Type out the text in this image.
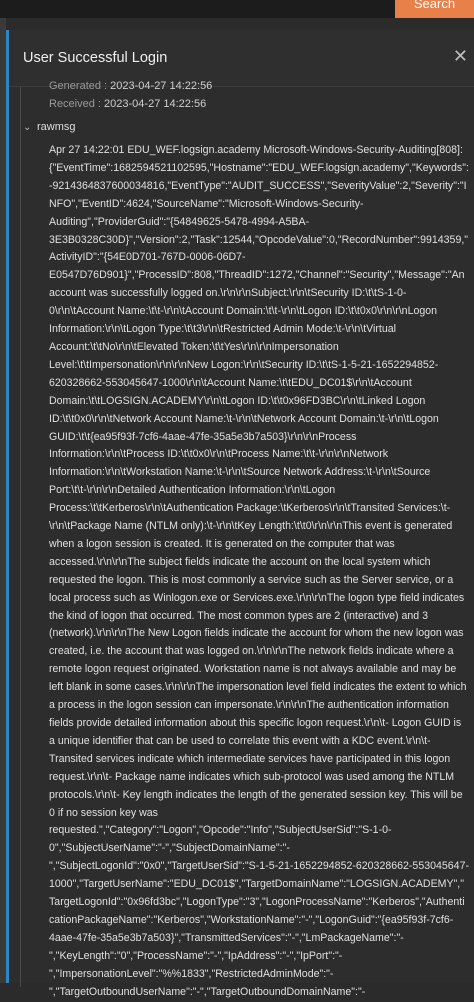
Search
User Successful Login	✕
Generated : 2023-04-27 14:22:56
Received : 2023-04-27 14:22:56
⌄ rawmsg
Apr 27 14:22:01 EDU_WEF.logsign.academy Microsoft-Windows-Security-Auditing[808]: {"EventTime":1682594521102595,"Hostname":"EDU_WEF.logsign.academy","Keywords":-9214364837600034816,"EventType":"AUDIT_SUCCESS","SeverityValue":2,"Severity":"INFO","EventID":4624,"SourceName":"Microsoft-Windows-Security-Auditing","ProviderGuid":"{54849625-5478-4994-A5BA-3E3B0328C30D}","Version":2,"Task":12544,"OpcodeValue":0,"RecordNumber":9914359,"ActivityID":"{54E0D701-767D-0006-06D7-E0547D76D901}","ProcessID":808,"ThreadID":1272,"Channel":"Security","Message":"An account was successfully logged on.\r\n\r\nSubject:\r\n\tSecurity ID:\t\tS-1-0-0\r\n\tAccount Name:\t\t-\r\n\tAccount Domain:\t\t-\r\n\tLogon ID:\t\t0x0\r\n\r\nLogon Information:\r\n\tLogon Type:\t\t3\r\n\tRestricted Admin Mode:\t-\r\n\tVirtual Account:\t\tNo\r\n\tElevated Token:\t\tYes\r\n\r\nImpersonation Level:\t\tImpersonation\r\n\r\nNew Logon:\r\n\tSecurity ID:\t\tS-1-5-21-1652294852-620328662-553045647-1000\r\n\tAccount Name:\t\tEDU_DC01$\r\n\tAccount Domain:\t\tLOGSIGN.ACADEMY\r\n\tLogon ID:\t\t0x96FD3BC\r\n\tLinked Logon ID:\t\t0x0\r\n\tNetwork Account Name:\t-\r\n\tNetwork Account Domain:\t-\r\n\tLogon GUID:\t\t{ea95f93f-7cf6-4aae-47fe-35a5e3b7a503}\r\n\r\nProcess Information:\r\n\tProcess ID:\t\t0x0\r\n\tProcess Name:\t\t-\r\n\r\nNetwork Information:\r\n\tWorkstation Name:\t-\r\n\tSource Network Address:\t-\r\n\tSource Port:\t\t-\r\n\r\nDetailed Authentication Information:\r\n\tLogon Process:\t\tKerberos\r\n\tAuthentication Package:\tKerberos\r\n\tTransited Services:\t-\r\n\tPackage Name (NTLM only):\t-\r\n\tKey Length:\t\t0\r\n\r\nThis event is generated when a logon session is created. It is generated on the computer that was accessed.\r\n\r\nThe subject fields indicate the account on the local system which requested the logon. This is most commonly a service such as the Server service, or a local process such as Winlogon.exe or Services.exe.\r\n\r\nThe logon type field indicates the kind of logon that occurred. The most common types are 2 (interactive) and 3 (network).\r\n\r\nThe New Logon fields indicate the account for whom the new logon was created, i.e. the account that was logged on.\r\n\r\nThe network fields indicate where a remote logon request originated. Workstation name is not always available and may be left blank in some cases.\r\n\r\nThe impersonation level field indicates the extent to which a process in the logon session can impersonate.\r\n\r\nThe authentication information fields provide detailed information about this specific logon request.\r\n\t- Logon GUID is a unique identifier that can be used to correlate this event with a KDC event.\r\n\t- Transited services indicate which intermediate services have participated in this logon request.\r\n\t- Package name indicates which sub-protocol was used among the NTLM protocols.\r\n\t- Key length indicates the length of the generated session key. This will be 0 if no session key was requested.","Category":"Logon","Opcode":"Info","SubjectUserSid":"S-1-0-0","SubjectUserName":"-","SubjectDomainName":"-","SubjectLogonId":"0x0","TargetUserSid":"S-1-5-21-1652294852-620328662-553045647-1000","TargetUserName":"EDU_DC01$","TargetDomainName":"LOGSIGN.ACADEMY","TargetLogonId":"0x96fd3bc","LogonType":"3","LogonProcessName":"Kerberos","AuthenticationPackageName":"Kerberos","WorkstationName":"-","LogonGuid":"{ea95f93f-7cf6-4aae-47fe-35a5e3b7a503}","TransmittedServices":"-","LmPackageName":"-","KeyLength":"0","ProcessName":"-","IpAddress":"-","IpPort":"-","ImpersonationLevel":"%%1833","RestrictedAdminMode":"-","TargetOutboundUserName":"-","TargetOutboundDomainName":"-
